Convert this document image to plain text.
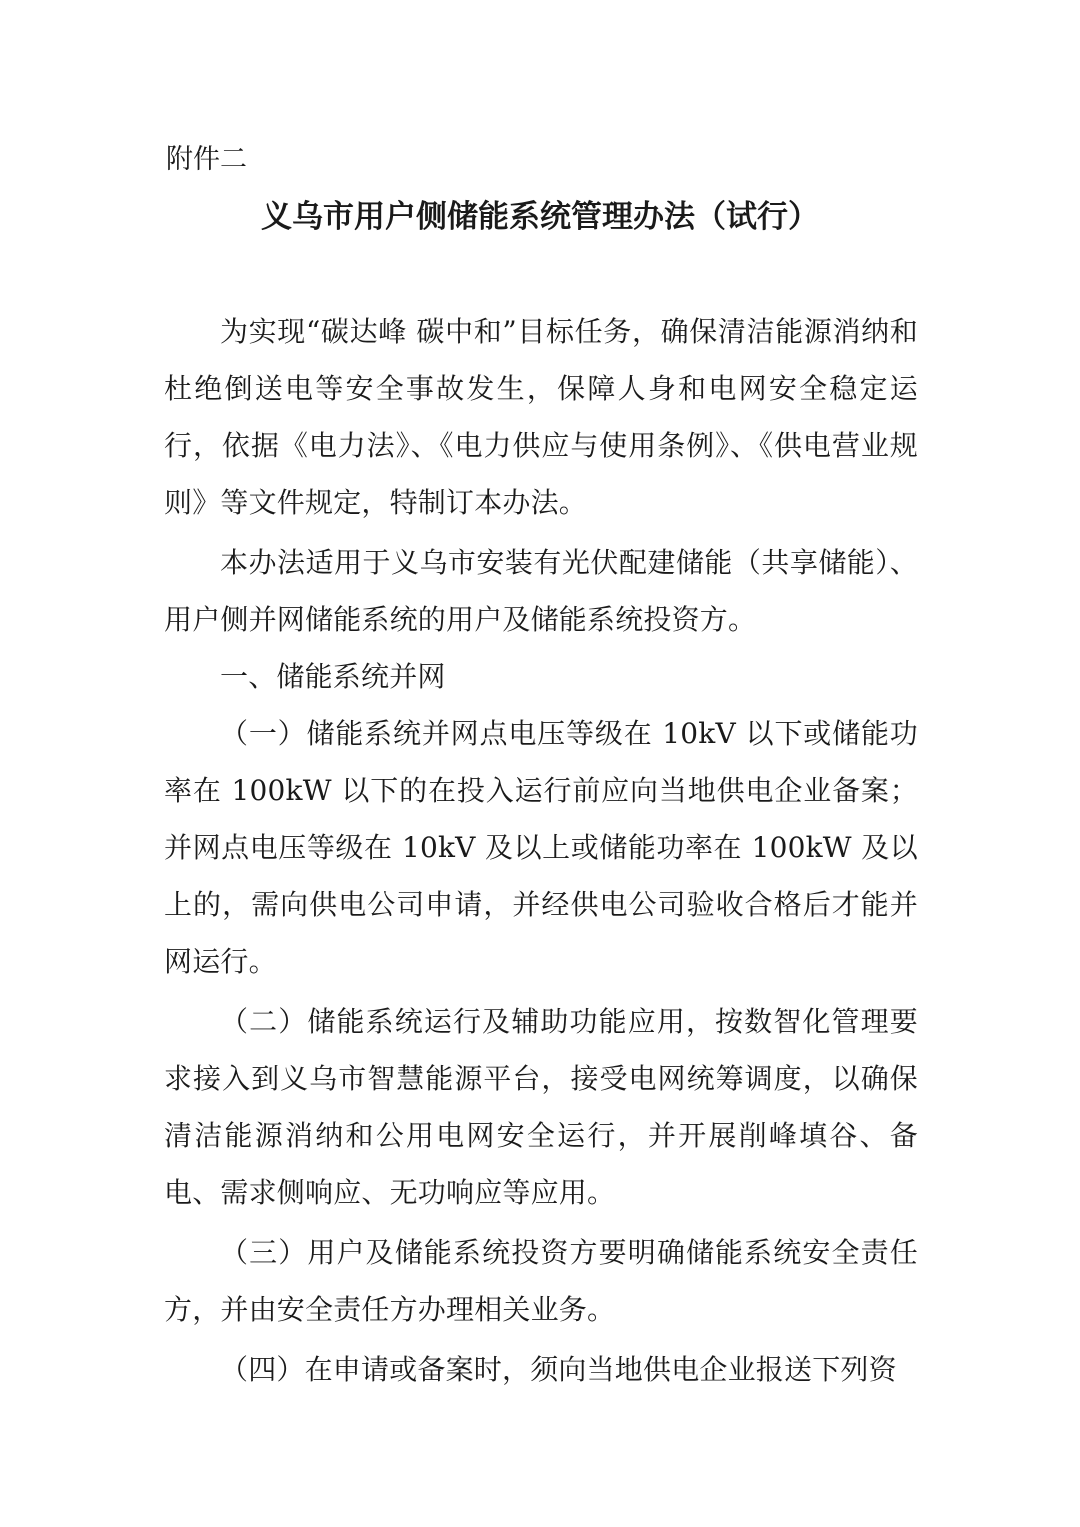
附件二
义乌市用户侧储能系统管理办法（试行）

为实现“碳达峰 碳中和”目标任务，确保清洁能源消纳和杜绝倒送电等安全事故发生，保障人身和电网安全稳定运行，依据《电力法》、《电力供应与使用条例》、《供电营业规则》等文件规定，特制订本办法。

本办法适用于义乌市安装有光伏配建储能（共享储能）、用户侧并网储能系统的用户及储能系统投资方。

一、储能系统并网

（一）储能系统并网点电压等级在 10kV 以下或储能功率在 100kW 以下的在投入运行前应向当地供电企业备案；并网点电压等级在 10kV 及以上或储能功率在 100kW 及以上的，需向供电公司申请，并经供电公司验收合格后才能并网运行。

（二）储能系统运行及辅助功能应用，按数智化管理要求接入到义乌市智慧能源平台，接受电网统筹调度，以确保清洁能源消纳和公用电网安全运行，并开展削峰填谷、备电、需求侧响应、无功响应等应用。

（三）用户及储能系统投资方要明确储能系统安全责任方，并由安全责任方办理相关业务。

（四）在申请或备案时，须向当地供电企业报送下列资
